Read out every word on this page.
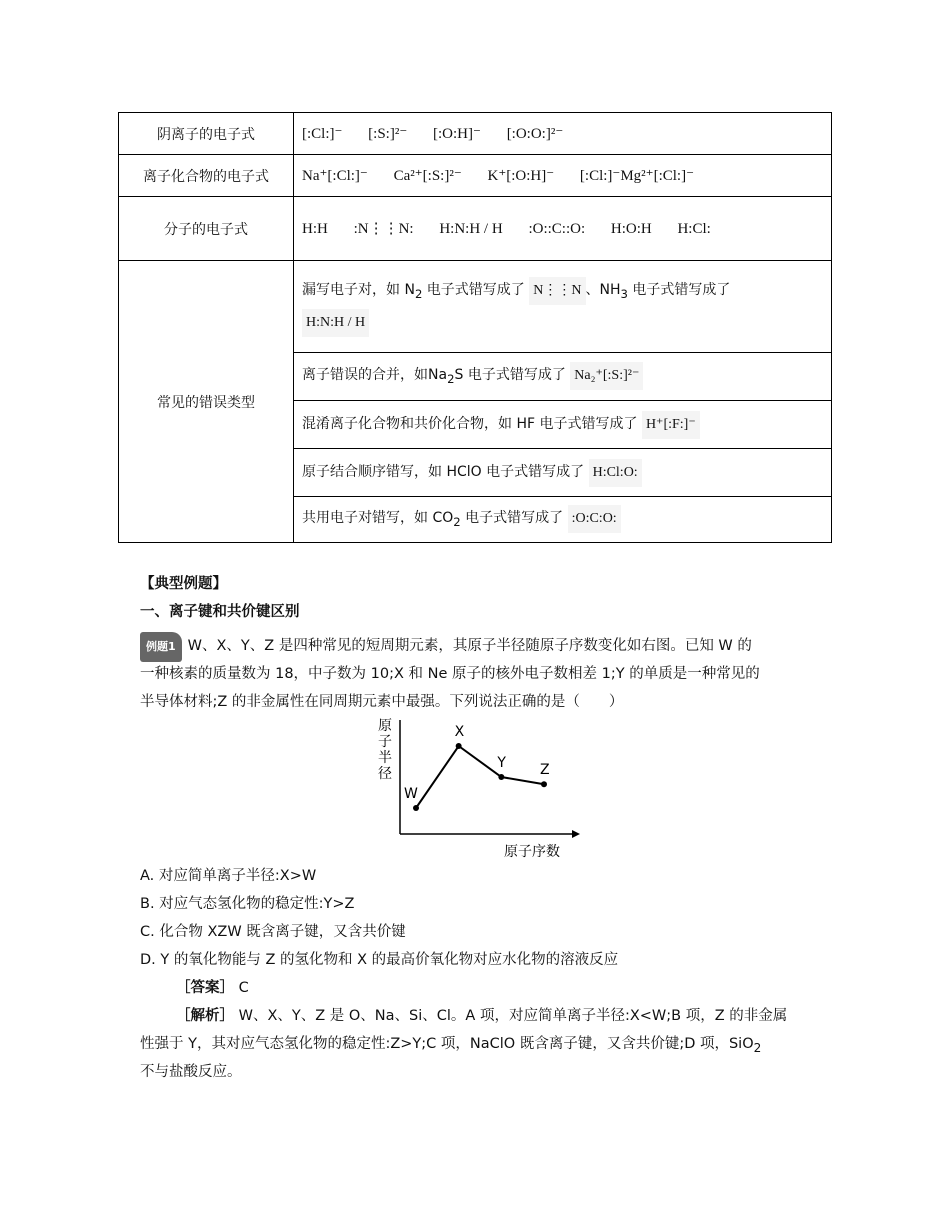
阴离子的电子式	[:Cl:]⁻ [:S:]²⁻ [:O:H]⁻ [:O:O:]²⁻
离子化合物的电子式	Na⁺[:Cl:]⁻ Ca²⁺[:S:]²⁻ K⁺[:O:H]⁻ [:Cl:]⁻Mg²⁺[:Cl:]⁻
分子的电子式	H:H :N⋮⋮N: H:N:H / H :O::C::O: H:O:H H:Cl:
常见的错误类型	漏写电子对，如 $N_2$ 电子式错写成了 N⋮⋮N 、$NH_3$ 电子式错写成了
H:N:H / H
	离子错误的合并，如$Na_2S$ 电子式错写成了 Na₂⁺[:S:]²⁻
	混淆离子化合物和共价化合物，如 HF 电子式错写成了 H⁺[:F:]⁻
	原子结合顺序错写，如 HClO 电子式错写成了 H:Cl:O:
	共用电子对错写，如 $CO_2$ 电子式错写成了 :O:C:O:
【典型例题】
一、离子键和共价键区别
例题1 W、X、Y、Z 是四种常见的短周期元素，其原子半径随原子序数变化如右图。已知 W 的
一种核素的质量数为 18，中子数为 10;X 和 Ne 原子的核外电子数相差 1;Y 的单质是一种常见的
半导体材料;Z 的非金属性在同周期元素中最强。下列说法正确的是（　　）
原
子
半
径
原子序数
W
X
Y Z
A. 对应简单离子半径:X>W
B. 对应气态氢化物的稳定性:Y>Z
C. 化合物 XZW 既含离子键，又含共价键
D. Y 的氧化物能与 Z 的氢化物和 X 的最高价氧化物对应水化物的溶液反应
［答案］ C
［解析］ W、X、Y、Z 是 O、Na、Si、Cl。A 项，对应简单离子半径:X<W;B 项，Z 的非金属
性强于 Y，其对应气态氢化物的稳定性:Z>Y;C 项，NaClO 既含离子键，又含共价键;D 项，SiO$_2$
不与盐酸反应。
